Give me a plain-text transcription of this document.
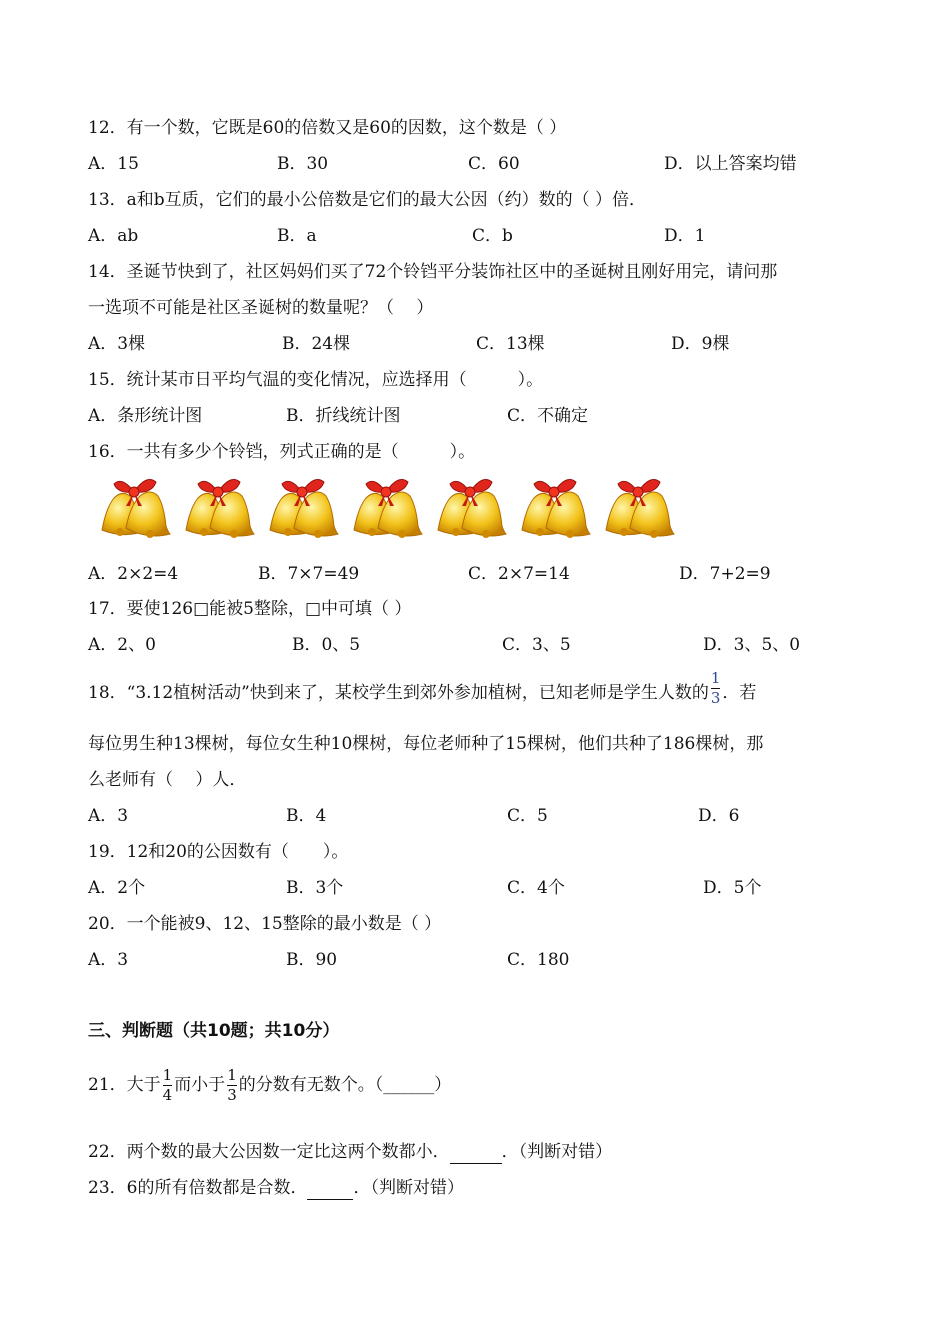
12．有一个数，它既是60的倍数又是60的因数，这个数是（ ）
A．15	B．30	C．60	D．以上答案均错
13．a和b互质，它们的最小公倍数是它们的最大公因（约）数的（ ）倍．
A．ab	B．a	C．b	D．1
14．圣诞节快到了，社区妈妈们买了72个铃铛平分装饰社区中的圣诞树且刚好用完，请问那
一选项不可能是社区圣诞树的数量呢？（　 ）
A．3棵	B．24棵	C．13棵	D．9棵
15．统计某市日平均气温的变化情况，应选择用（　　　）。
A．条形统计图	B．折线统计图	C．不确定
16．一共有多少个铃铛，列式正确的是（　　　）。
A．2×2=4	B．7×7=49	C．2×7=14	D．7+2=9
17．要使126□能被5整除，□中可填（ ）
A．2、0	B．0、5	C．3、5	D．3、5、0
18．“3.12植树活动”快到来了，某校学生到郊外参加植树，已知老师是学生人数的 $\frac{1}{3}$ ．若
每位男生种13棵树，每位女生种10棵树，每位老师种了15棵树，他们共种了186棵树，那
么老师有（　 ）人．
A．3	B．4	C．5	D．6
19．12和20的公因数有（　　）。
A．2个	B．3个	C．4个	D．5个
20．一个能被9、12、15整除的最小数是（ ）
A．3	B．90	C．180
三、判断题（共10题；共10分）
21．大于 $\frac{1}{4}$ 而小于 $\frac{1}{3}$ 的分数有无数个。（______）
22．两个数的最大公因数一定比这两个数都小．	．（判断对错）
23．6的所有倍数都是合数．	．（判断对错）
